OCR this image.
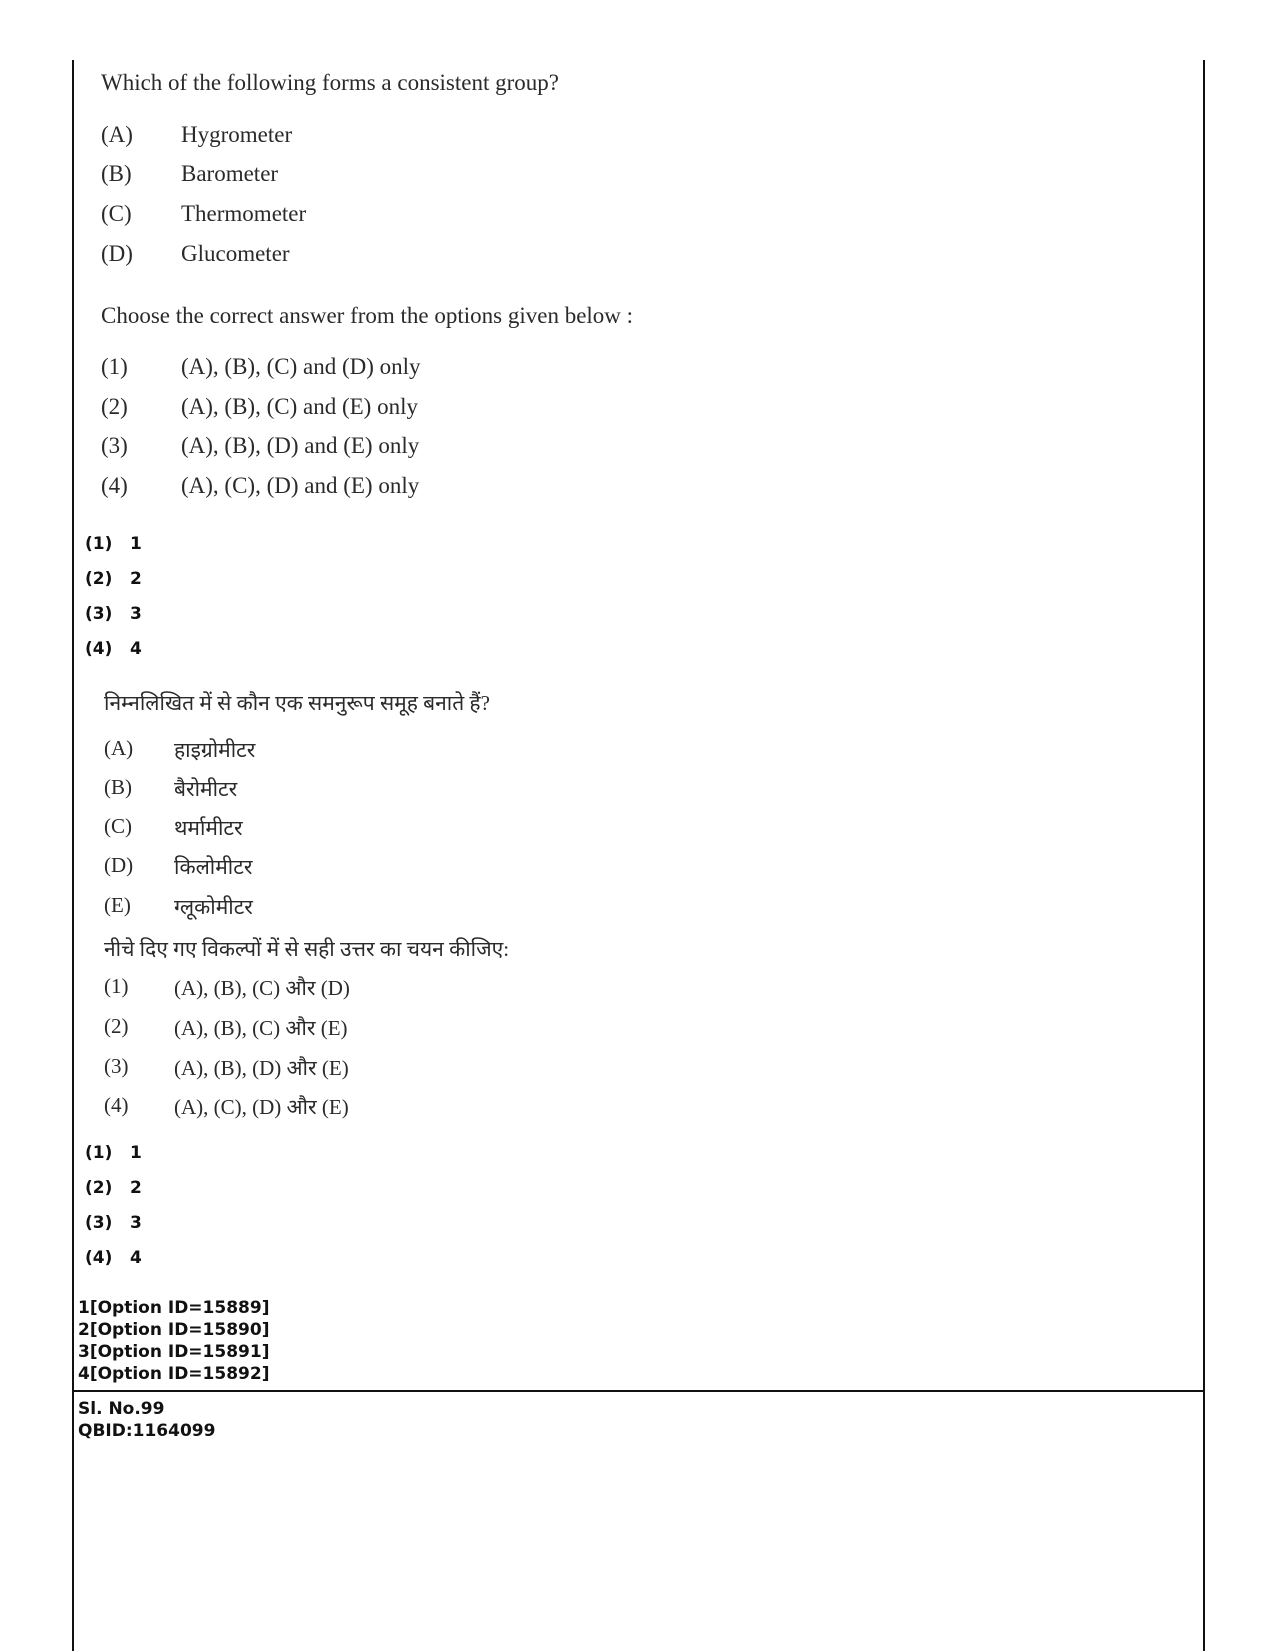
Which of the following forms a consistent group?
(A)	Hygrometer
(B)	Barometer
(C)	Thermometer
(D)	Glucometer
Choose the correct answer from the options given below :
(1)	(A), (B), (C) and (D) only
(2)	(A), (B), (C) and (E) only
(3)	(A), (B), (D) and (E) only
(4)	(A), (C), (D) and (E) only
(1)	1
(2)	2
(3)	3
(4)	4
निम्नलिखित में से कौन एक समनुरूप समूह बनाते हैं?
(A)	हाइग्रोमीटर
(B)	बैरोमीटर
(C)	थर्मामीटर
(D)	किलोमीटर
(E)	ग्लूकोमीटर
नीचे दिए गए विकल्पों में से सही उत्तर का चयन कीजिए:
(1)	(A), (B), (C) और (D)
(2)	(A), (B), (C) और (E)
(3)	(A), (B), (D) और (E)
(4)	(A), (C), (D) और (E)
(1)	1
(2)	2
(3)	3
(4)	4
1[Option ID=15889]
2[Option ID=15890]
3[Option ID=15891]
4[Option ID=15892]
Sl. No.99
QBID:1164099
